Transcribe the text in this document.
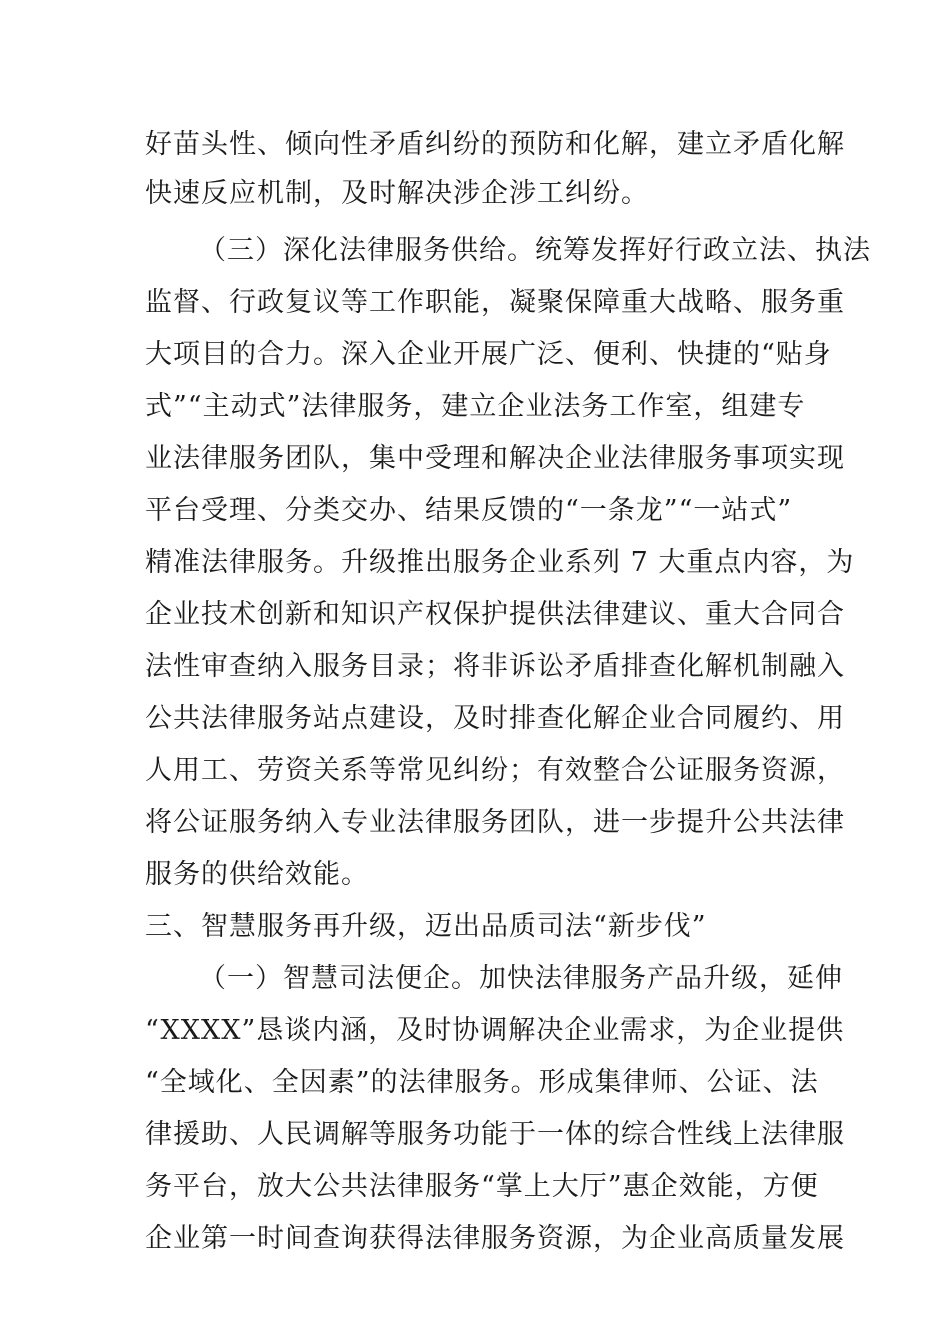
好苗头性、倾向性矛盾纠纷的预防和化解，建立矛盾化解
快速反应机制，及时解决涉企涉工纠纷。
（三）深化法律服务供给。统筹发挥好行政立法、执法
监督、行政复议等工作职能，凝聚保障重大战略、服务重
大项目的合力。深入企业开展广泛、便利、快捷的“贴身
式”“主动式”法律服务，建立企业法务工作室，组建专
业法律服务团队，集中受理和解决企业法律服务事项实现
平台受理、分类交办、结果反馈的“一条龙”“一站式”
精准法律服务。升级推出服务企业系列 7 大重点内容，为
企业技术创新和知识产权保护提供法律建议、重大合同合
法性审查纳入服务目录；将非诉讼矛盾排查化解机制融入
公共法律服务站点建设，及时排查化解企业合同履约、用
人用工、劳资关系等常见纠纷；有效整合公证服务资源，
将公证服务纳入专业法律服务团队，进一步提升公共法律
服务的供给效能。
三、智慧服务再升级，迈出品质司法“新步伐”
（一）智慧司法便企。加快法律服务产品升级，延伸
“XXXX”恳谈内涵，及时协调解决企业需求，为企业提供
“全域化、全因素”的法律服务。形成集律师、公证、法
律援助、人民调解等服务功能于一体的综合性线上法律服
务平台，放大公共法律服务“掌上大厅”惠企效能，方便
企业第一时间查询获得法律服务资源，为企业高质量发展
